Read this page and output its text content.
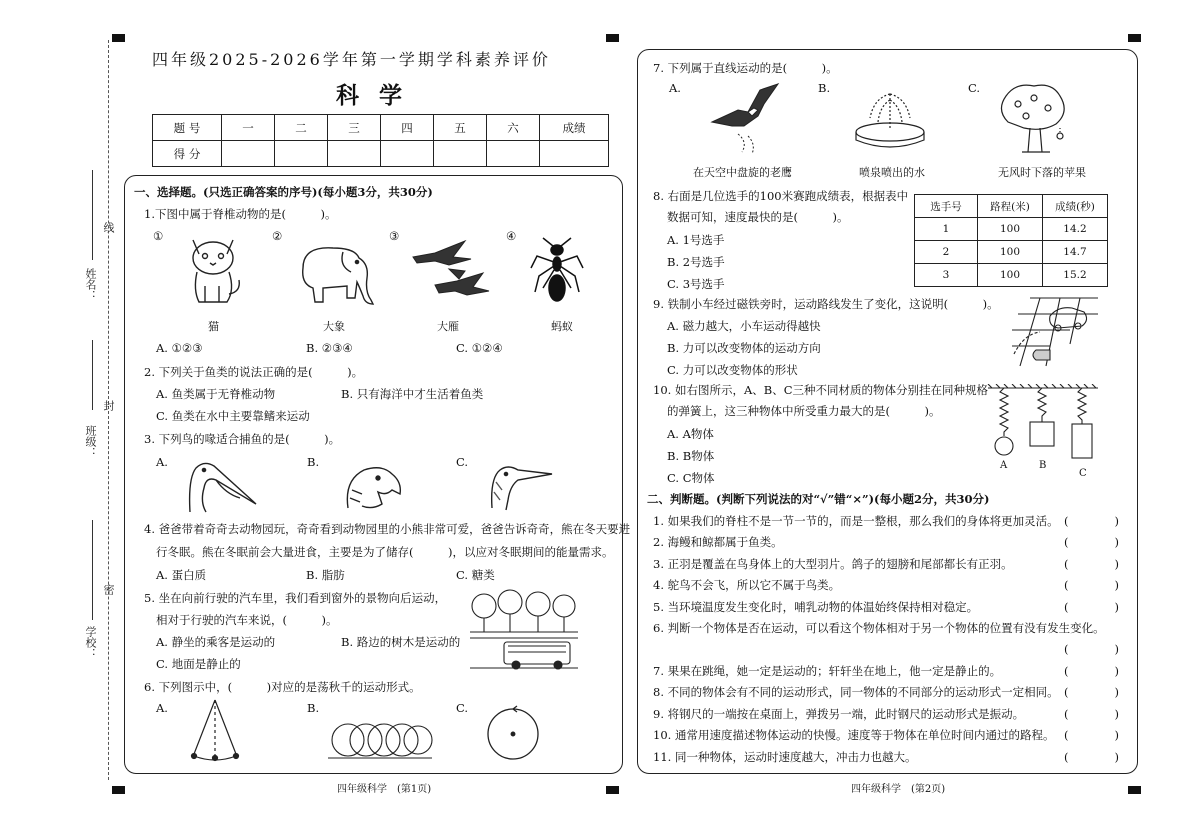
姓名：
线
班级：
封
学校：
密
四年级2025-2026学年第一学期学科素养评价
科 学
题 号	一	二	三	四	五	六	成绩
得 分							
一、选择题。(只选正确答案的序号)(每小题3分，共30分)
1.下图中属于脊椎动物的是(　　　)。
①	②	③	④
猫	大象	大雁	蚂蚁
A. ①②③	B. ②③④	C. ①②④
2. 下列关于鱼类的说法正确的是(　　　)。
A. 鱼类属于无脊椎动物	B. 只有海洋中才生活着鱼类
C. 鱼类在水中主要靠鳍来运动
3. 下列鸟的喙适合捕鱼的是(　　　)。
A.	B.	C.
4. 爸爸带着奇奇去动物园玩，奇奇看到动物园里的小熊非常可爱，爸爸告诉奇奇，熊在冬天要进
行冬眠。熊在冬眠前会大量进食，主要是为了储存(　　　)，以应对冬眠期间的能量需求。
A. 蛋白质	B. 脂肪	C. 糖类
5. 坐在向前行驶的汽车里，我们看到窗外的景物向后运动，
相对于行驶的汽车来说，(　　　)。
A. 静坐的乘客是运动的	B. 路边的树木是运动的
C. 地面是静止的
6. 下列图示中，(　　　)对应的是荡秋千的运动形式。
A.	B.	C.
四年级科学　(第1页)
7. 下列属于直线运动的是(　　　)。
A.	B.	C.
在天空中盘旋的老鹰	喷泉喷出的水	无风时下落的苹果
8. 右面是几位选手的100米赛跑成绩表，根据表中
数据可知，速度最快的是(　　　)。
A. 1号选手
B. 2号选手
C. 3号选手
选手号	路程(米)	成绩(秒)
1	100	14.2
2	100	14.7
3	100	15.2
9. 铁制小车经过磁铁旁时，运动路线发生了变化，这说明(　　　)。
A. 磁力越大，小车运动得越快
B. 力可以改变物体的运动方向
C. 力可以改变物体的形状
10. 如右图所示，A、B、C三种不同材质的物体分别挂在同种规格
的弹簧上，这三种物体中所受重力最大的是(　　　)。
A. A物体
B. B物体
C. C物体
A	B
C
二、判断题。(判断下列说法的对“√”错“×”)(每小题2分，共30分)
1. 如果我们的脊柱不是一节一节的，而是一整根，那么我们的身体将更加灵活。 (　　　　)
2. 海鳗和鲸都属于鱼类。	(　　　　)
3. 正羽是覆盖在鸟身体上的大型羽片。鸽子的翅膀和尾部都长有正羽。	(　　　　)
4. 鸵鸟不会飞，所以它不属于鸟类。	(　　　　)
5. 当环境温度发生变化时，哺乳动物的体温始终保持相对稳定。	(　　　　)
6. 判断一个物体是否在运动，可以看这个物体相对于另一个物体的位置有没有发生变化。
(　　　　)
7. 果果在跳绳，她一定是运动的；轩轩坐在地上，他一定是静止的。	(　　　　)
8. 不同的物体会有不同的运动形式，同一物体的不同部分的运动形式一定相同。 (　　　　)
9. 将钢尺的一端按在桌面上，弹拨另一端，此时钢尺的运动形式是振动。	(　　　　)
10. 通常用速度描述物体运动的快慢。速度等于物体在单位时间内通过的路程。 (　　　　)
11. 同一种物体，运动时速度越大，冲击力也越大。	(　　　　)
四年级科学　(第2页)
